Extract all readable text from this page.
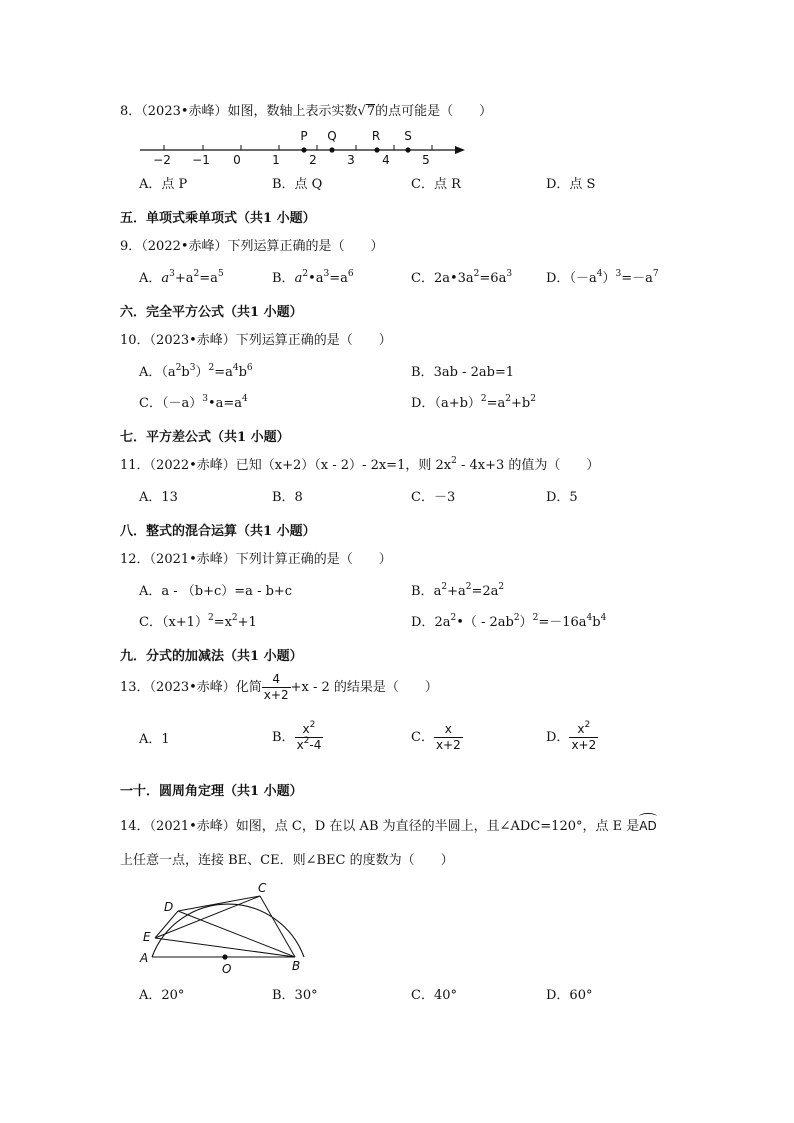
8．（2023•赤峰）如图，数轴上表示实数√7的点可能是（　　）
−2 −1 0	1 2	3 4	5
P Q	R S
A．点 P	B．点 Q	C．点 R	D．点 S
五．单项式乘单项式（共1 小题）
9．（2022•赤峰）下列运算正确的是（　　）
A．$a^3+a^2=a^5$	B．$a^2•a^3=a^6$	C．$2a•3a^2=6a^3$	D．$(-a^4)^3=-a^7$
六．完全平方公式（共1 小题）
10．（2023•赤峰）下列运算正确的是（　　）
A．$(a^2b^3)^2=a^4b^6$	B．3ab - 2ab=1
C．$(-a)^3•a=a^4$	D．$(a+b)^2=a^2+b^2$
七．平方差公式（共1 小题）
11．（2022•赤峰）已知（x+2）（x - 2）- 2x=1，则 $2x^2 - 4x+3$ 的值为（　　）
A．13	B．8	C．－3	D．5
八．整式的混合运算（共1 小题）
12．（2021•赤峰）下列计算正确的是（　　）
A．a - （b+c）=a - b+c	B．$a^2+a^2=2a^2$
C．$(x+1)^2=x^2+1$	D．$2a^2•( - 2ab^2)^2=-16a^4b^4$
九．分式的加减法（共1 小题）
13．（2023•赤峰）化简 $\frac{4}{x+2} +x - 2$ 的结果是（　　）
A．1	B． $\frac{x^2}{x^2-4}$	C． $\frac{x}{x+2}$	D． $\frac{x^2}{x+2}$
一十．圆周角定理（共1 小题）
14．（2021•赤峰）如图，点 C，D 在以 AB 为直径的半圆上，且∠ADC=120°，点 E 是AD
上任意一点，连接 BE、CE．则∠BEC 的度数为（　　）
D
C
E
A
O	B
A．20°	B．30°	C．40°	D．60°
